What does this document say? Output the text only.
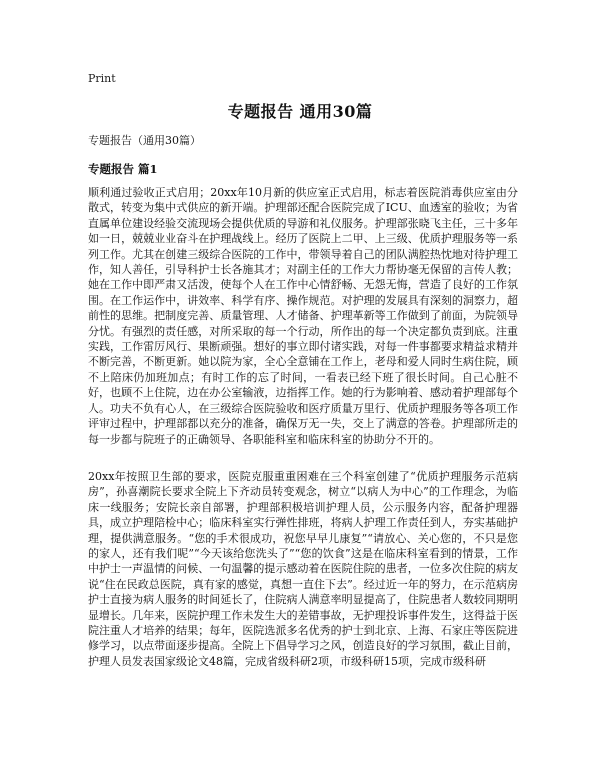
Print
专题报告 通用30篇
专题报告（通用30篇）
专题报告 篇1
顺利通过验收正式启用；20xx年10月新的供应室正式启用，标志着医院消毒供应室由分散式，转变为集中式供应的新开端。护理部还配合医院完成了ICU、血透室的验收；为省直属单位建设经验交流现场会提供优质的导游和礼仪服务。护理部张晓飞主任，三十多年如一日，兢兢业业奋斗在护理战线上。经历了医院上二甲、上三级、优质护理服务等一系列工作。尤其在创建三级综合医院的工作中，带领导着自己的团队满腔热忱地对待护理工作，知人善任，引导科护士长各施其才；对副主任的工作大力帮协毫无保留的言传人教；她在工作中即严肃又活泼，使每个人在工作中心情舒畅、无怨无悔，营造了良好的工作氛围。在工作运作中，讲效率、科学有序、操作规范。对护理的发展具有深刻的洞察力，超前性的思维。把制度完善、质量管理、人才储备、护理革新等工作做到了前面，为院领导分忧。有强烈的责任感，对所采取的每一个行动，所作出的每一个决定都负责到底。注重实践，工作雷厉风行、果断顽强。想好的事立即付诸实践，对每一件事都要求精益求精并不断完善，不断更新。她以院为家，全心全意铺在工作上，老母和爱人同时生病住院，顾不上陪床仍加班加点；有时工作的忘了时间，一看表已经下班了很长时间。自己心脏不好，也顾不上住院，边在办公室输液，边指挥工作。她的行为影响着、感动着护理部每个人。功夫不负有心人，在三级综合医院验收和医疗质量万里行、优质护理服务等各项工作评审过程中，护理部都以充分的准备，确保万无一失，交上了满意的答卷。护理部所走的每一步都与院班子的正确领导、各职能科室和临床科室的协助分不开的。
20xx年按照卫生部的要求，医院克服重重困难在三个科室创建了“优质护理服务示范病房”，孙喜潮院长要求全院上下齐动员转变观念，树立“以病人为中心”的工作理念，为临床一线服务；安院长亲自部署，护理部积极培训护理人员，公示服务内容，配备护理器具，成立护理陪检中心；临床科室实行弹性排班，将病人护理工作责任到人，夯实基础护理，提供满意服务。“您的手术很成功，祝您早早儿康复”“请放心、关心您的，不只是您的家人，还有我们呢”“今天该给您洗头了”“您的饮食”这是在临床科室看到的情景，工作中护士一声温情的问候、一句温馨的提示感动着在医院住院的患者，一位多次住院的病友说“住在民政总医院，真有家的感觉，真想一直住下去”。经过近一年的努力，在示范病房护士直接为病人服务的时间延长了，住院病人满意率明显提高了，住院患者人数较同期明显增长。几年来，医院护理工作未发生大的差错事故，无护理投诉事件发生，这得益于医院注重人才培养的结果；每年，医院选派多名优秀的护士到北京、上海、石家庄等医院进修学习，以点带面逐步提高。全院上下倡导学习之风，创造良好的学习氛围，截止目前，护理人员发表国家级论文48篇，完成省级科研2项，市级科研15项，完成市级科研
